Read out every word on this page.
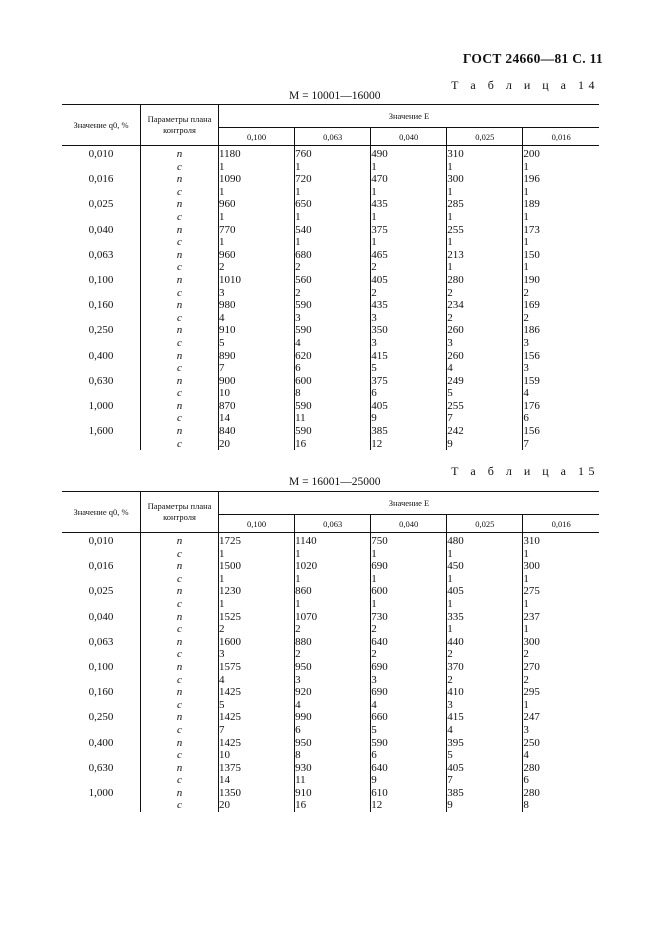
ГОСТ 24660—81 С. 11
Т а б л и ц а 14
M = 10001—16000
Значение q0, %	Параметры плана контроля	Значение E				
		0,100	0,063	0,040	0,025	0,016
0,010	n	1180	760	490	310	200
	c	1	1	1	1	1
0,016	n	1090	720	470	300	196
	c	1	1	1	1	1
0,025	n	960	650	435	285	189
	c	1	1	1	1	1
0,040	n	770	540	375	255	173
	c	1	1	1	1	1
0,063	n	960	680	465	213	150
	c	2	2	2	1	1
0,100	n	1010	560	405	280	190
	c	3	2	2	2	2
0,160	n	980	590	435	234	169
	c	4	3	3	2	2
0,250	n	910	590	350	260	186
	c	5	4	3	3	3
0,400	n	890	620	415	260	156
	c	7	6	5	4	3
0,630	n	900	600	375	249	159
	c	10	8	6	5	4
1,000	n	870	590	405	255	176
	c	14	11	9	7	6
1,600	n	840	590	385	242	156
	c	20	16	12	9	7
Т а б л и ц а 15
M = 16001—25000
Значение q0, %	Параметры плана контроля	Значение E				
		0,100	0,063	0,040	0,025	0,016
0,010	n	1725	1140	750	480	310
	c	1	1	1	1	1
0,016	n	1500	1020	690	450	300
	c	1	1	1	1	1
0,025	n	1230	860	600	405	275
	c	1	1	1	1	1
0,040	n	1525	1070	730	335	237
	c	2	2	2	1	1
0,063	n	1600	880	640	440	300
	c	3	2	2	2	2
0,100	n	1575	950	690	370	270
	c	4	3	3	2	2
0,160	n	1425	920	690	410	295
	c	5	4	4	3	1
0,250	n	1425	990	660	415	247
	c	7	6	5	4	3
0,400	n	1425	950	590	395	250
	c	10	8	6	5	4
0,630	n	1375	930	640	405	280
	c	14	11	9	7	6
1,000	n	1350	910	610	385	280
	c	20	16	12	9	8
